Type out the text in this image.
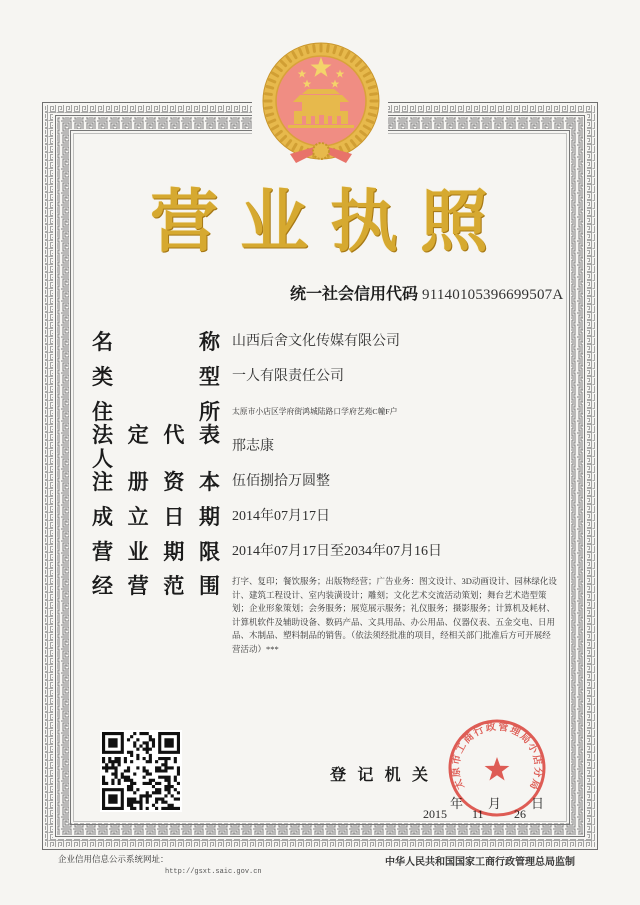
营业执照
统一社会信用代码 91140105396699507A
名 称 山西后舍文化传媒有限公司
类 型 一人有限责任公司
住 所 太原市小店区学府街鸿城陆路口学府艺苑C幢F户
法 定 代 表 人
邢志康
注 册 资 本 伍佰捌拾万圆整
成 立 日 期 2014年07月17日
营 业 期 限 2014年07月17日至2034年07月16日
经 营 范 围 打字、复印；餐饮服务；出版物经营；广告业务：图文设计、3D动画设计、园林绿化设
计、建筑工程设计、室内装潢设计；雕刻；文化艺术交流活动策划；舞台艺术造型策
划；企业形象策划；会务服务；展览展示服务；礼仪服务；摄影服务；计算机及耗材、
计算机软件及辅助设备、数码产品、文具用品、办公用品、仪器仪表、五金交电、日用
品、木制品、塑料制品的销售。（依法须经批准的项目，经相关部门批准后方可开展经
营活动）***
登 记 机 关
2015
年
11
月
26
日
太原市工商行政管理局小店分局
企业信用信息公示系统网址：
http://gsxt.saic.gov.cn
中华人民共和国国家工商行政管理总局监制
